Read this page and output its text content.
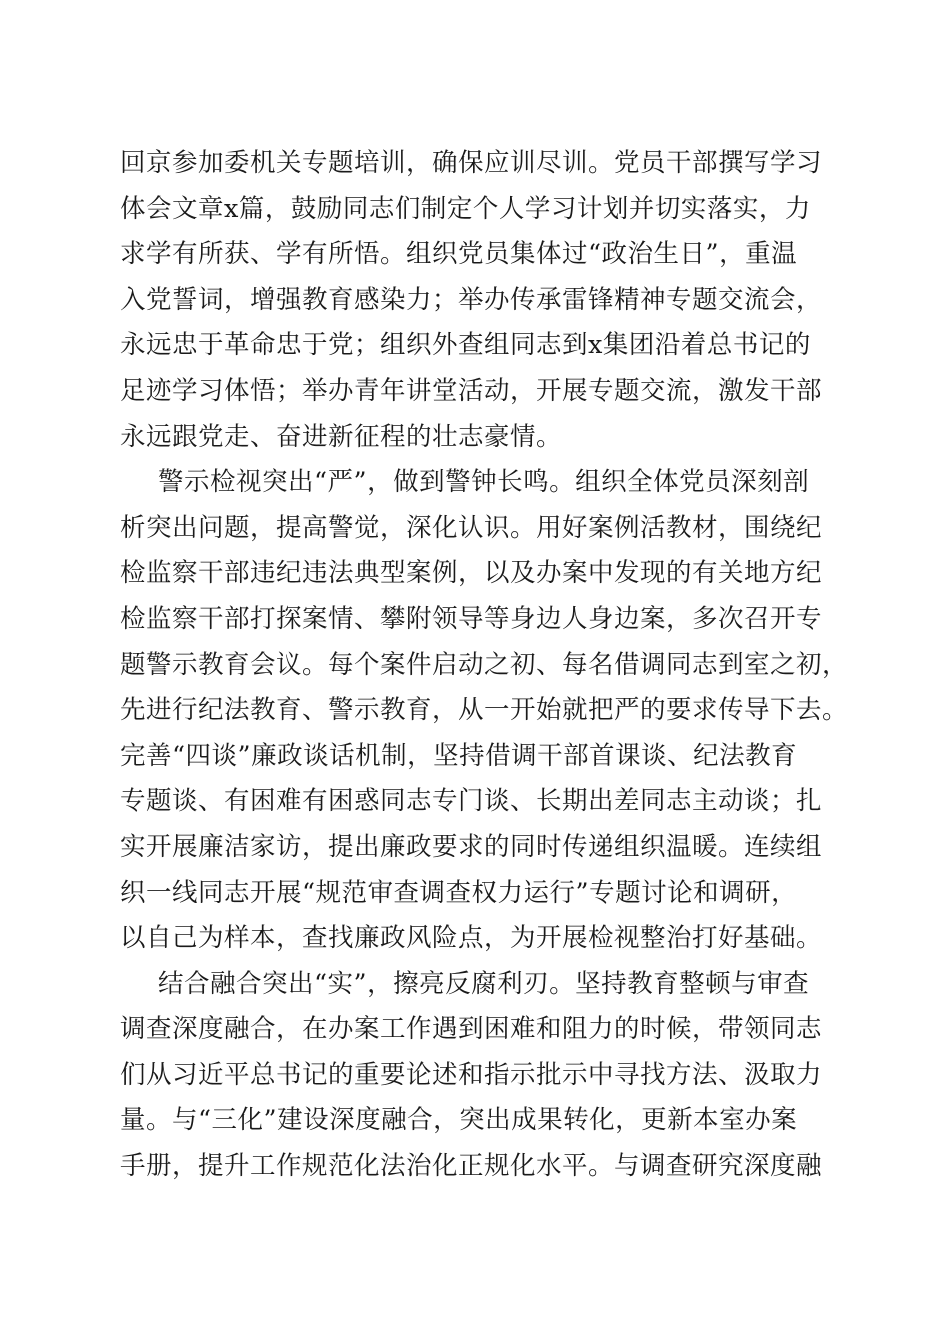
回京参加委机关专题培训，确保应训尽训。党员干部撰写学习
体会文章x篇，鼓励同志们制定个人学习计划并切实落实，力
求学有所获、学有所悟。组织党员集体过“政治生日”，重温
入党誓词，增强教育感染力；举办传承雷锋精神专题交流会，
永远忠于革命忠于党；组织外查组同志到x集团沿着总书记的
足迹学习体悟；举办青年讲堂活动，开展专题交流，激发干部
永远跟党走、奋进新征程的壮志豪情。
警示检视突出“严”，做到警钟长鸣。组织全体党员深刻剖
析突出问题，提高警觉，深化认识。用好案例活教材，围绕纪
检监察干部违纪违法典型案例，以及办案中发现的有关地方纪
检监察干部打探案情、攀附领导等身边人身边案，多次召开专
题警示教育会议。每个案件启动之初、每名借调同志到室之初，
先进行纪法教育、警示教育，从一开始就把严的要求传导下去。
完善“四谈”廉政谈话机制，坚持借调干部首课谈、纪法教育
专题谈、有困难有困惑同志专门谈、长期出差同志主动谈；扎
实开展廉洁家访，提出廉政要求的同时传递组织温暖。连续组
织一线同志开展“规范审查调查权力运行”专题讨论和调研，
以自己为样本，查找廉政风险点，为开展检视整治打好基础。
结合融合突出“实”，擦亮反腐利刃。坚持教育整顿与审查
调查深度融合，在办案工作遇到困难和阻力的时候，带领同志
们从习近平总书记的重要论述和指示批示中寻找方法、汲取力
量。与“三化”建设深度融合，突出成果转化，更新本室办案
手册，提升工作规范化法治化正规化水平。与调查研究深度融
